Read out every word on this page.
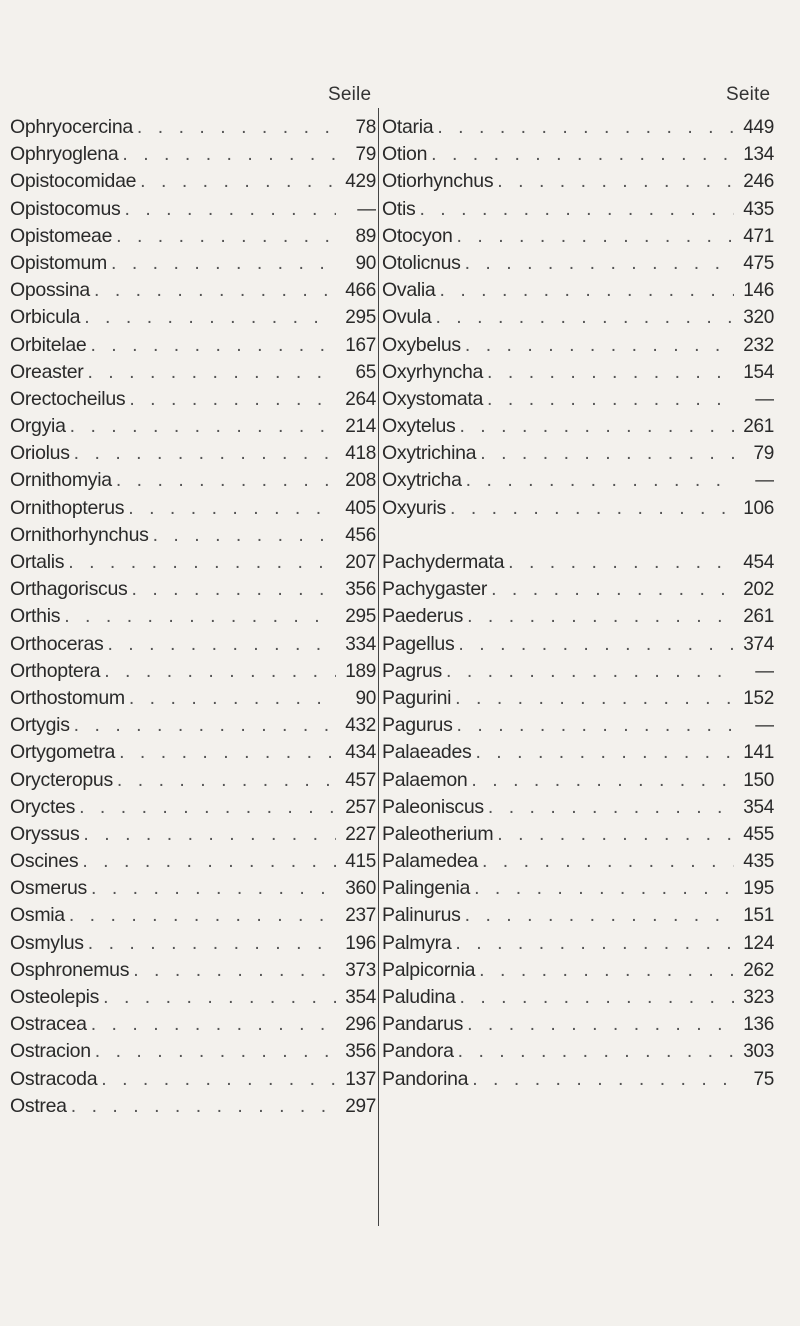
Seile	Seite
Ophryocercina . . .	78
Ophryoglena . . .	79
Opistocomidae . . .	429
Opistocomus . . .	—
Opistomeae . . .	89
Opistomum . . .	90
Opossina . . .	466
Orbicula . . .	295
Orbitelae . . .	167
Oreaster . . .	65
Orectocheilus . . .	264
Orgyia . . .	214
Oriolus . . .	418
Ornithomyia . . .	208
Ornithopterus . . .	405
Ornithorhynchus . . .	456
Ortalis . . .	207
Orthagoriscus . . .	356
Orthis . . .	295
Orthoceras . . .	334
Orthoptera . . .	189
Orthostomum . . .	90
Ortygis . . .	432
Ortygometra . . .	434
Orycteropus . . .	457
Oryctes . . .	257
Oryssus . . .	227
Oscines . . .	415
Osmerus . . .	360
Osmia . . .	237
Osmylus . . .	196
Osphronemus . . .	373
Osteolepis . . .	354
Ostracea . . .	296
Ostracion . . .	356
Ostracoda . . .	137
Ostrea . . .	297
Otaria . . .	449
Otion . . .	134
Otiorhynchus . . .	246
Otis . . .	435
Otocyon . . .	471
Otolicnus . . .	475
Ovalia . . .	146
Ovula . . .	320
Oxybelus . . .	232
Oxyrhyncha . . .	154
Oxystomata . . .	—
Oxytelus . . .	261
Oxytrichina . . .	79
Oxytricha . . .	—
Oxyuris . . .	106
Pachydermata . . .	454
Pachygaster . . .	202
Paederus . . .	261
Pagellus . . .	374
Pagrus . . .	—
Pagurini . . .	152
Pagurus . . .	—
Palaeades . . .	141
Palaemon . . .	150
Paleoniscus . . .	354
Paleotherium . . .	455
Palamedea . . .	435
Palingenia . . .	195
Palinurus . . .	151
Palmyra . . .	124
Palpicornia . . .	262
Paludina . . .	323
Pandarus . . .	136
Pandora . . .	303
Pandorina . . .	75
